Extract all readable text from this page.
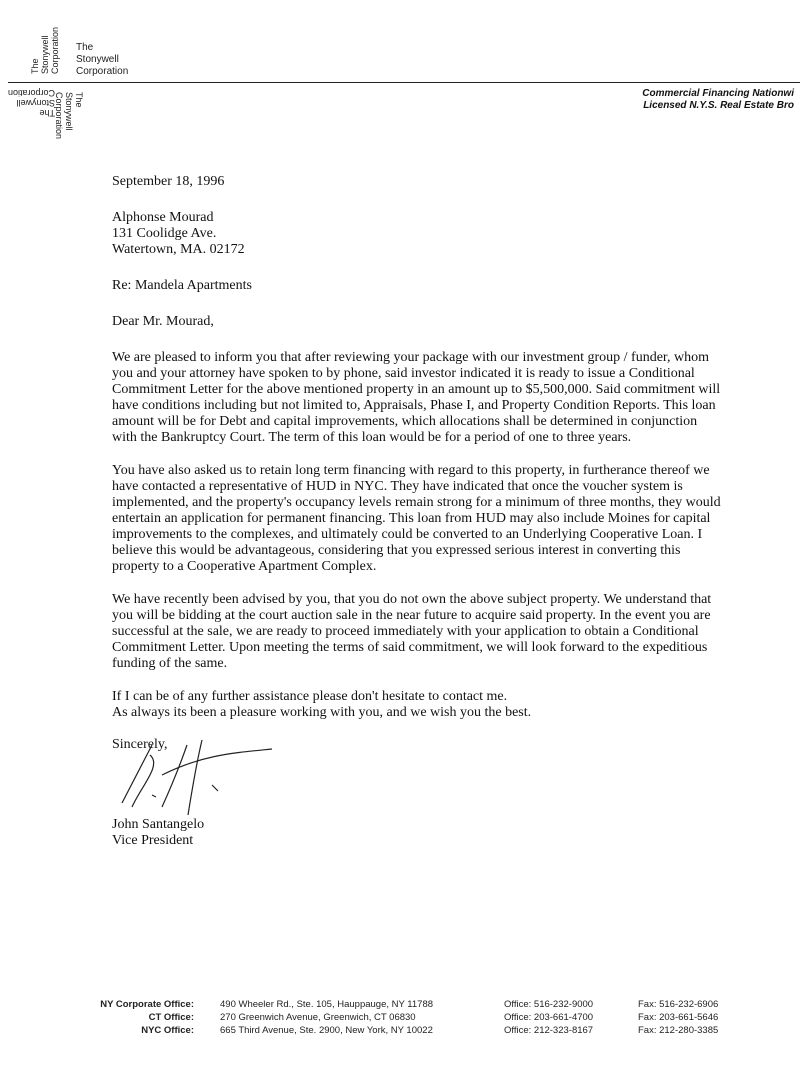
The Stonywell Corporation The
Stonywell
Corporation
The
Stonywell
Corporation The
Stonywell
Corporation	Commercial Financing Nationwi
Licensed N.Y.S. Real Estate Bro

September 18, 1996

Alphonse Mourad

131 Coolidge Ave.

Watertown, MA. 02172

Re: Mandela Apartments

Dear Mr. Mourad,

We are pleased to inform you that after reviewing your package with our investment group / funder, whom you and your attorney have spoken to by phone, said investor indicated it is ready to issue a Conditional Commitment Letter for the above mentioned property in an amount up to $5,500,000. Said commitment will have conditions including but not limited to, Appraisals, Phase I, and Property Condition Reports. This loan amount will be for Debt and capital improvements, which allocations shall be determined in conjunction with the Bankruptcy Court. The term of this loan would be for a period of one to three years.

You have also asked us to retain long term financing with regard to this property, in furtherance thereof we have contacted a representative of HUD in NYC. They have indicated that once the voucher system is implemented, and the property's occupancy levels remain strong for a minimum of three months, they would entertain an application for permanent financing. This loan from HUD may also include Moines for capital improvements to the complexes, and ultimately could be converted to an Underlying Cooperative Loan. I believe this would be advantageous, considering that you expressed serious interest in converting this property to a Cooperative Apartment Complex.

We have recently been advised by you, that you do not own the above subject property. We understand that you will be bidding at the court auction sale in the near future to acquire said property. In the event you are successful at the sale, we are ready to proceed immediately with your application to obtain a Conditional Commitment Letter. Upon meeting the terms of said commitment, we will look forward to the expeditious funding of the same.

If I can be of any further assistance please don't hesitate to contact me.

As always its been a pleasure working with you, and we wish you the best.

Sincerely,

John Santangelo

Vice President

NY Corporate Office:	490 Wheeler Rd., Ste. 105, Hauppauge, NY 11788	Office: 516-232-9000	Fax: 516-232-6906
CT Office:	270 Greenwich Avenue, Greenwich, CT 06830	Office: 203-661-4700	Fax: 203-661-5646
NYC Office:	665 Third Avenue, Ste. 2900, New York, NY 10022	Office: 212-323-8167	Fax: 212-280-3385
